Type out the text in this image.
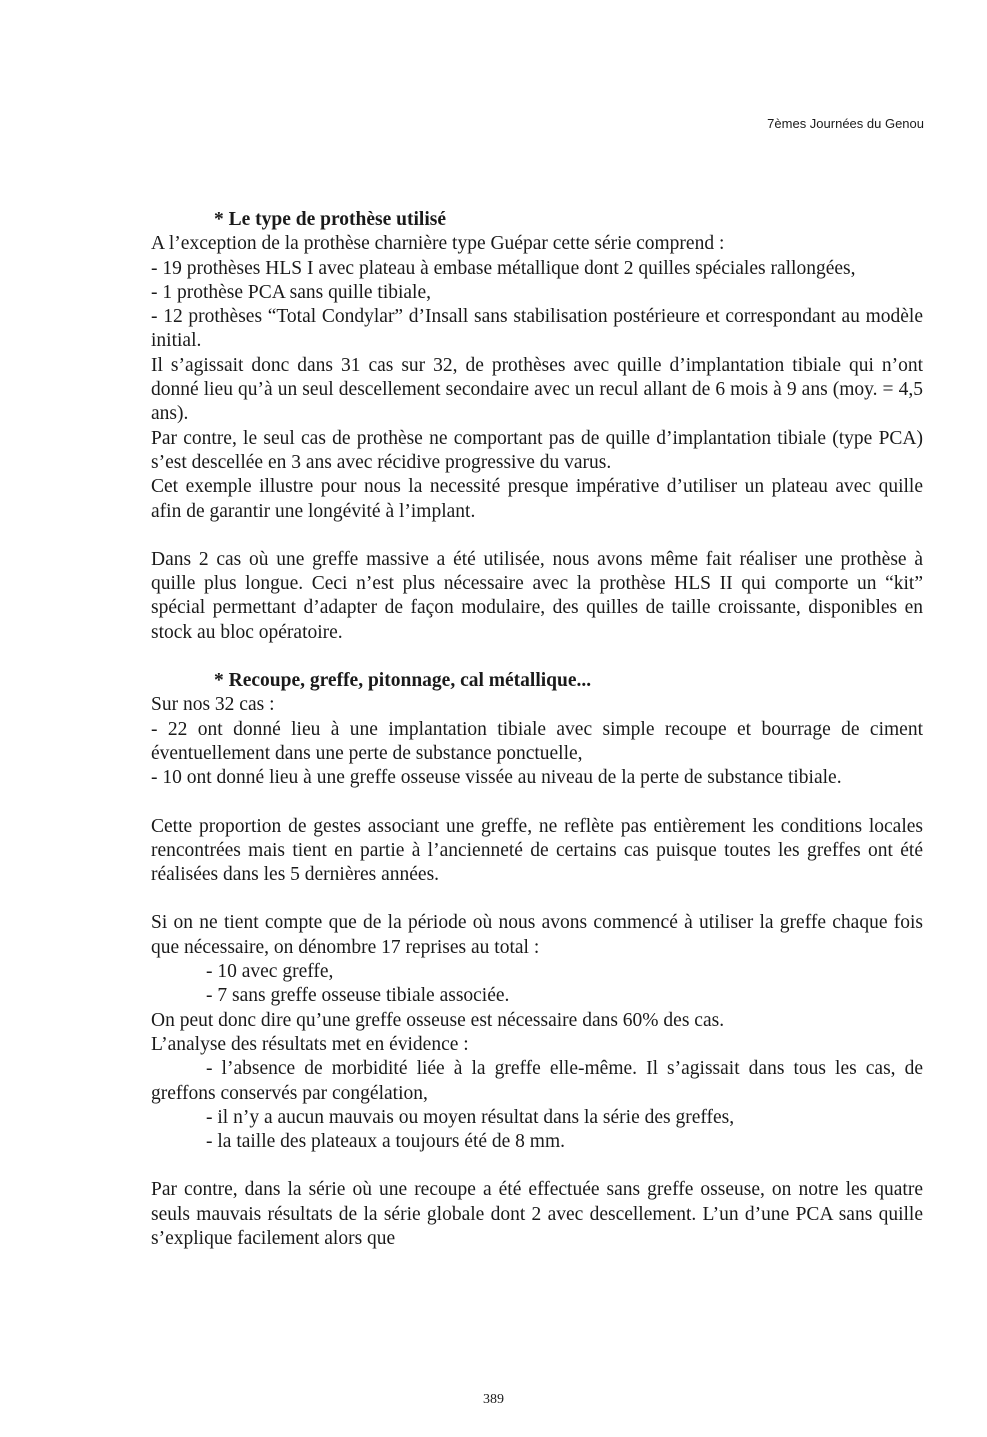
7èmes Journées du Genou

* Le type de prothèse utilisé

A l’exception de la prothèse charnière type Guépar cette série comprend :

- 19 prothèses HLS I avec plateau à embase métallique dont 2 quilles spéciales rallongées,

- 1 prothèse PCA sans quille tibiale,

- 12 prothèses “Total Condylar” d’Insall sans stabilisation postérieure et correspondant au modèle initial.

Il s’agissait donc dans 31 cas sur 32, de prothèses avec quille d’implantation tibiale qui n’ont donné lieu qu’à un seul descellement secondaire avec un recul allant de 6 mois à 9 ans (moy. = 4,5 ans).

Par contre, le seul cas de prothèse ne comportant pas de quille d’implantation tibiale (type PCA) s’est descellée en 3 ans avec récidive progressive du varus.

Cet exemple illustre pour nous la necessité presque impérative d’utiliser un plateau avec quille afin de garantir une longévité à l’implant.

Dans 2 cas où une greffe massive a été utilisée, nous avons même fait réaliser une prothèse à quille plus longue. Ceci n’est plus nécessaire avec la prothèse HLS II qui comporte un “kit” spécial permettant d’adapter de façon modulaire, des quilles de taille croissante, disponibles en stock au bloc opératoire.

* Recoupe, greffe, pitonnage, cal métallique...

Sur nos 32 cas :

- 22 ont donné lieu à une implantation tibiale avec simple recoupe et bourrage de ciment éventuellement dans une perte de substance ponctuelle,

- 10 ont donné lieu à une greffe osseuse vissée au niveau de la perte de substance tibiale.

Cette proportion de gestes associant une greffe, ne reflète pas entièrement les conditions locales rencontrées mais tient en partie à l’ancienneté de certains cas puisque toutes les greffes ont été réalisées dans les 5 dernières années.

Si on ne tient compte que de la période où nous avons commencé à utiliser la greffe chaque fois que nécessaire, on dénombre 17 reprises au total :

- 10 avec greffe,

- 7 sans greffe osseuse tibiale associée.

On peut donc dire qu’une greffe osseuse est nécessaire dans 60% des cas.

L’analyse des résultats met en évidence :

- l’absence de morbidité liée à la greffe elle-même. Il s’agissait dans tous les cas, de greffons conservés par congélation,

- il n’y a aucun mauvais ou moyen résultat dans la série des greffes,

- la taille des plateaux a toujours été de 8 mm.

Par contre, dans la série où une recoupe a été effectuée sans greffe osseuse, on notre les quatre seuls mauvais résultats de la série globale dont 2 avec descellement. L’un d’une PCA sans quille s’explique facilement alors que

389
